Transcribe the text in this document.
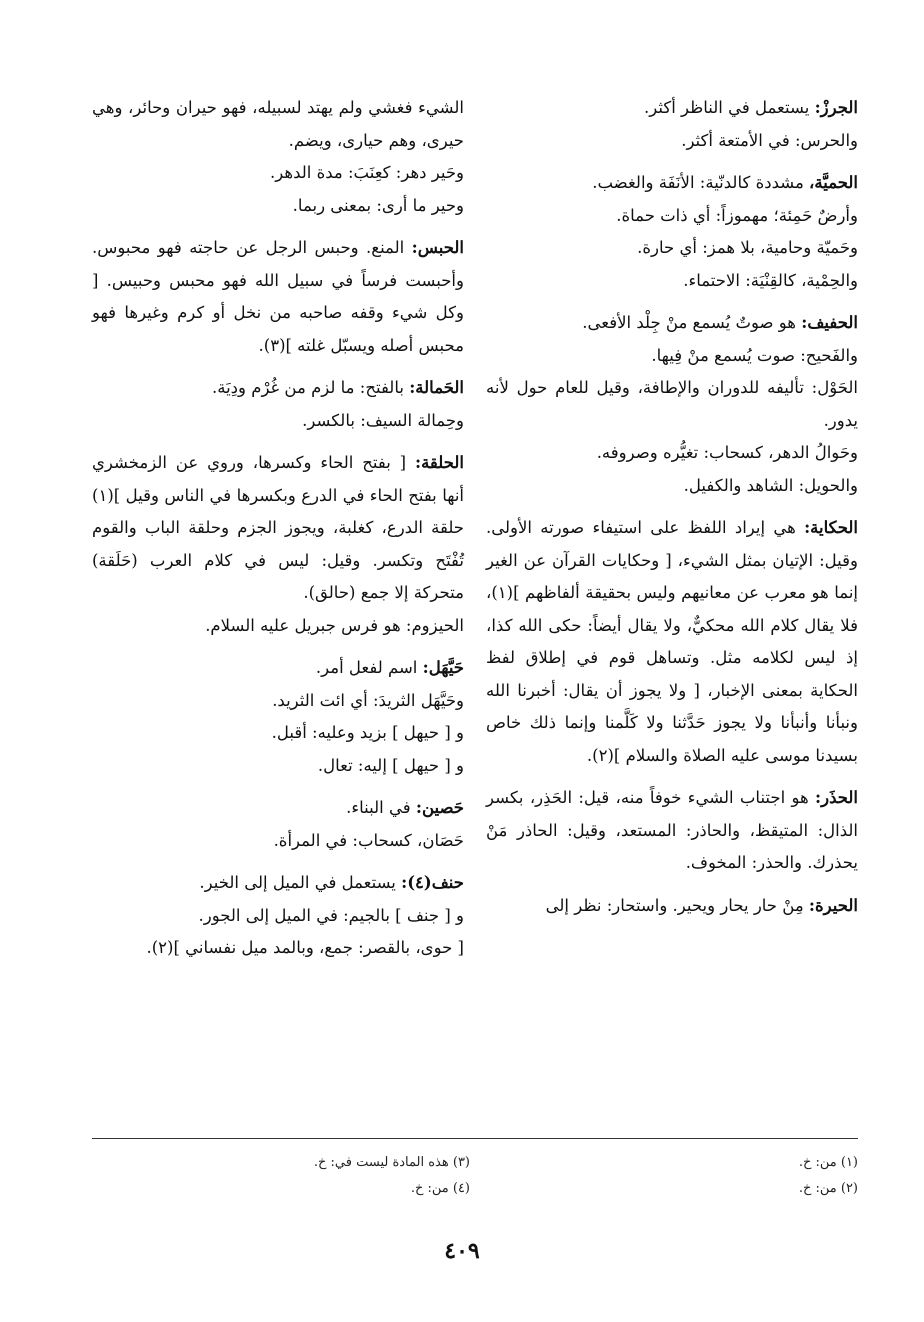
الجرزْ: يستعمل في الناظر أكثر.

والحرس: في الأمتعة أكثر.

الحميَّة، مشددة كالدنّية: الأنَفَة والغضب.

وأرضٌ حَمِئة؛ مهموزاً: أي ذات حماة.

وحَميّة وحامية، بلا همز: أي حارة.

والحِمْية، كالقِنْيَة: الاحتماء.

الحفيف: هو صوتٌ يُسمع منْ جِلْد الأفعى.

والفَحيح: صوت يُسمع منْ فِيها.

الحَوْل: تأليفه للدوران والإطافة، وقيل للعام حول لأنه يدور.

وحَوالُ الدهر، كسحاب: تغيُّره وصروفه.

والحويل: الشاهد والكفيل.

الحكاية: هي إيراد اللفظ على استيفاء صورته الأولى. وقيل: الإتيان بمثل الشيء، [ وحكايات القرآن عن الغير إنما هو معرب عن معانيهم وليس بحقيقة ألفاظهم ](١)، فلا يقال كلام الله محكيٌّ، ولا يقال أيضاً: حكى الله كذا، إذ ليس لكلامه مثل. وتساهل قوم في إطلاق لفظ الحكاية بمعنى الإخبار، [ ولا يجوز أن يقال: أخبرنا الله ونبأنا وأنبأنا ولا يجوز حَدَّثنا ولا كَلَّمنا وإنما ذلك خاص بسيدنا موسى عليه الصلاة والسلام ](٢).

الحذَر: هو اجتناب الشيء خوفاً منه، قيل: الحَذِر، بكسر الذال: المتيقظ، والحاذر: المستعد، وقيل: الحاذر مَنْ يحذرك. والحذر: المخوف.

الحيرة: مِنْ حار يحار ويحير. واستحار: نظر إلى

الشيء فغشي ولم يهتد لسبيله، فهو حيران وحائر، وهي حيرى، وهم حيارى، ويضم.

وحَير دهر: كعِنَبَ: مدة الدهر.

وحير ما أرى: بمعنى ربما.

الحبس: المنع. وحبس الرجل عن حاجته فهو محبوس. وأحبست فرساً في سبيل الله فهو محبس وحبيس. [ وكل شيء وقفه صاحبه من نخل أو كرم وغيرها فهو محبس أصله ويسبّل غلته ](٣).

الحَمالة: بالفتح: ما لزم من غُرْم ودِيَة.

وحِمالة السيف: بالكسر.

الحلقة: [ بفتح الحاء وكسرها، وروي عن الزمخشري أنها بفتح الحاء في الدرع وبكسرها في الناس وقيل ](١) حلقة الدرع، كغلبة، ويجوز الجزم وحلقة الباب والقوم تُفْتَح وتكسر. وقيل: ليس في كلام العرب (حَلَقة) متحركة إلا جمع (حالق).

الحيزوم: هو فرس جبريل عليه السلام.

حَيَّهَل: اسم لفعل أمر.

وحَيَّهَل الثريدَ: أي ائت الثريد.

و [ حيهل ] بزيد وعليه: أقبل.

و [ حيهل ] إليه: تعال.

حَصين: في البناء.

حَصَان، كسحاب: في المرأة.

حنف(٤): يستعمل في الميل إلى الخير.

و [ جنف ] بالجيم: في الميل إلى الجور.

[ حوى، بالقصر: جمع، وبالمد ميل نفساني ](٢).

(١) من: خ.

(٢) من: خ.

(٣) هذه المادة ليست في: خ.

(٤) من: خ.

٤٠٩
